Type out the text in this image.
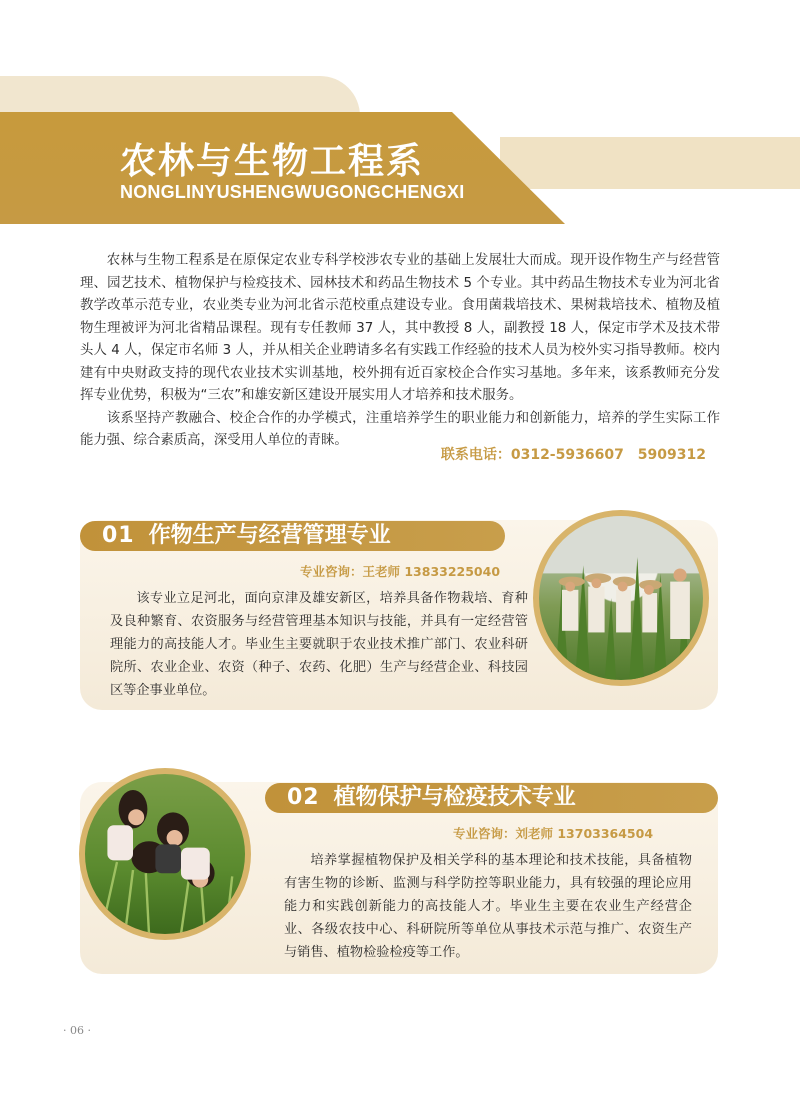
农林与生物工程系
NONGLINYUSHENGWUGONGCHENGXI

农林与生物工程系是在原保定农业专科学校涉农专业的基础上发展壮大而成。现开设作物生产与经营管理、园艺技术、植物保护与检疫技术、园林技术和药品生物技术 5 个专业。其中药品生物技术专业为河北省教学改革示范专业，农业类专业为河北省示范校重点建设专业。食用菌栽培技术、果树栽培技术、植物及植物生理被评为河北省精品课程。现有专任教师 37 人，其中教授 8 人，副教授 18 人，保定市学术及技术带头人 4 人，保定市名师 3 人，并从相关企业聘请多名有实践工作经验的技术人员为校外实习指导教师。校内建有中央财政支持的现代农业技术实训基地，校外拥有近百家校企合作实习基地。多年来，该系教师充分发挥专业优势，积极为“三农”和雄安新区建设开展实用人才培养和技术服务。

该系坚持产教融合、校企合作的办学模式，注重培养学生的职业能力和创新能力，培养的学生实际工作能力强、综合素质高，深受用人单位的青睐。

联系电话：0312-5936607　5909312
01 作物生产与经营管理专业
专业咨询：王老师 13833225040

该专业立足河北，面向京津及雄安新区，培养具备作物栽培、育种及良种繁育、农资服务与经营管理基本知识与技能，并具有一定经营管理能力的高技能人才。毕业生主要就职于农业技术推广部门、农业科研院所、农业企业、农资（种子、农药、化肥）生产与经营企业、科技园区等企事业单位。

02 植物保护与检疫技术专业
专业咨询：刘老师 13703364504

培养掌握植物保护及相关学科的基本理论和技术技能，具备植物有害生物的诊断、监测与科学防控等职业能力，具有较强的理论应用能力和实践创新能力的高技能人才。毕业生主要在农业生产经营企业、各级农技中心、科研院所等单位从事技术示范与推广、农资生产与销售、植物检验检疫等工作。

· 06 ·
